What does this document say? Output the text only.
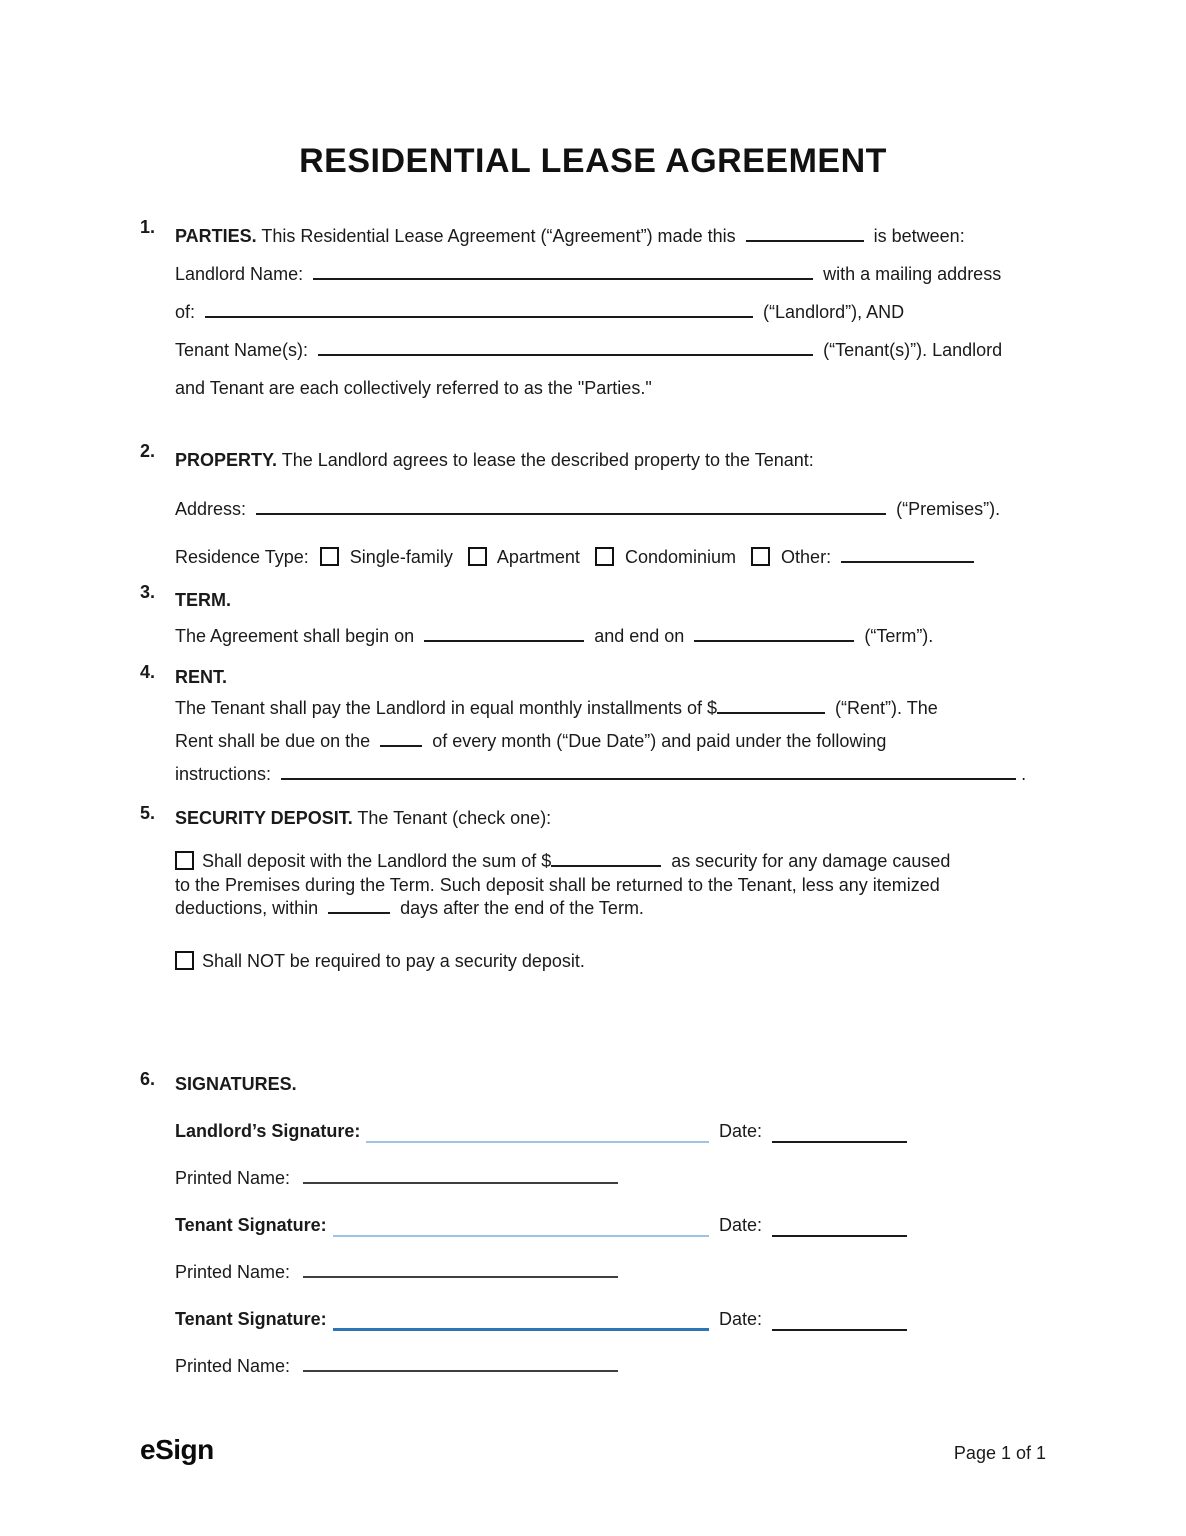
RESIDENTIAL LEASE AGREEMENT
1.	PARTIES. This Residential Lease Agreement (“Agreement”) made this	is between:
Landlord Name:	with a mailing address
of:	(“Landlord”), AND
Tenant Name(s):	(“Tenant(s)”). Landlord
and Tenant are each collectively referred to as the "Parties."
2.	PROPERTY. The Landlord agrees to lease the described property to the Tenant:
Address:	(“Premises”).
Residence Type: Single-family Apartment	Condominium	Other:
3.	TERM.
The Agreement shall begin on	and end on	(“Term”).
4.	RENT.
The Tenant shall pay the Landlord in equal monthly installments of $	(“Rent”). The
Rent shall be due on the	of every month (“Due Date”) and paid under the following
instructions:	.
5.	SECURITY DEPOSIT. The Tenant (check one):
Shall deposit with the Landlord the sum of $	as security for any damage caused
to the Premises during the Term. Such deposit shall be returned to the Tenant, less any itemized
deductions, within	days after the end of the Term.
Shall NOT be required to pay a security deposit.
6.	SIGNATURES.
Landlord’s Signature:	Date:
Printed Name:
Tenant Signature:	Date:
Printed Name:
Tenant Signature:	Date:
Printed Name:
eSign	Page 1 of 1
